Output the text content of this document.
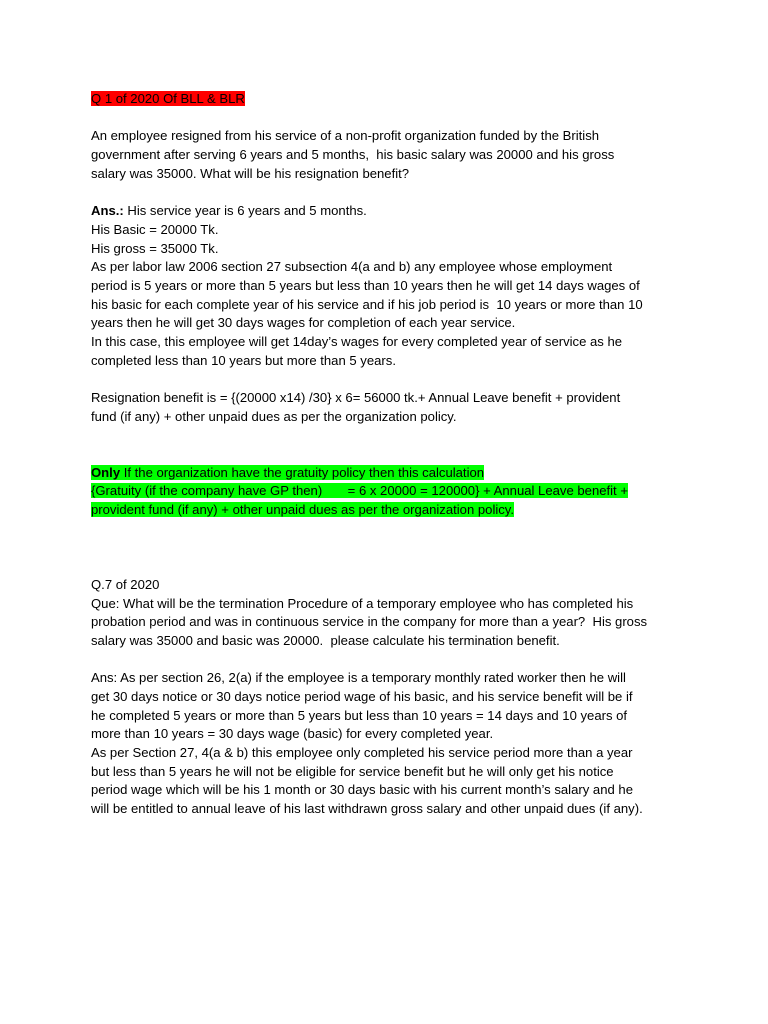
Q 1 of 2020 Of BLL & BLR
An employee resigned from his service of a non-profit organization funded by the British
government after serving 6 years and 5 months,  his basic salary was 20000 and his gross
salary was 35000. What will be his resignation benefit?
Ans.: His service year is 6 years and 5 months.
His Basic = 20000 Tk.
His gross = 35000 Tk.
As per labor law 2006 section 27 subsection 4(a and b) any employee whose employment
period is 5 years or more than 5 years but less than 10 years then he will get 14 days wages of
his basic for each complete year of his service and if his job period is  10 years or more than 10
years then he will get 30 days wages for completion of each year service.
In this case, this employee will get 14day’s wages for every completed year of service as he
completed less than 10 years but more than 5 years.
Resignation benefit is = {(20000 x14) /30} x 6= 56000 tk.+ Annual Leave benefit + provident
fund (if any) + other unpaid dues as per the organization policy.
Only If the organization have the gratuity policy then this calculation
{Gratuity (if the company have GP then)       = 6 x 20000 = 120000} + Annual Leave benefit +
provident fund (if any) + other unpaid dues as per the organization policy.
Q.7 of 2020
Que: What will be the termination Procedure of a temporary employee who has completed his
probation period and was in continuous service in the company for more than a year?  His gross
salary was 35000 and basic was 20000.  please calculate his termination benefit.
Ans: As per section 26, 2(a) if the employee is a temporary monthly rated worker then he will
get 30 days notice or 30 days notice period wage of his basic, and his service benefit will be if
he completed 5 years or more than 5 years but less than 10 years = 14 days and 10 years of
more than 10 years = 30 days wage (basic) for every completed year.
As per Section 27, 4(a & b) this employee only completed his service period more than a year
but less than 5 years he will not be eligible for service benefit but he will only get his notice
period wage which will be his 1 month or 30 days basic with his current month’s salary and he
will be entitled to annual leave of his last withdrawn gross salary and other unpaid dues (if any).
